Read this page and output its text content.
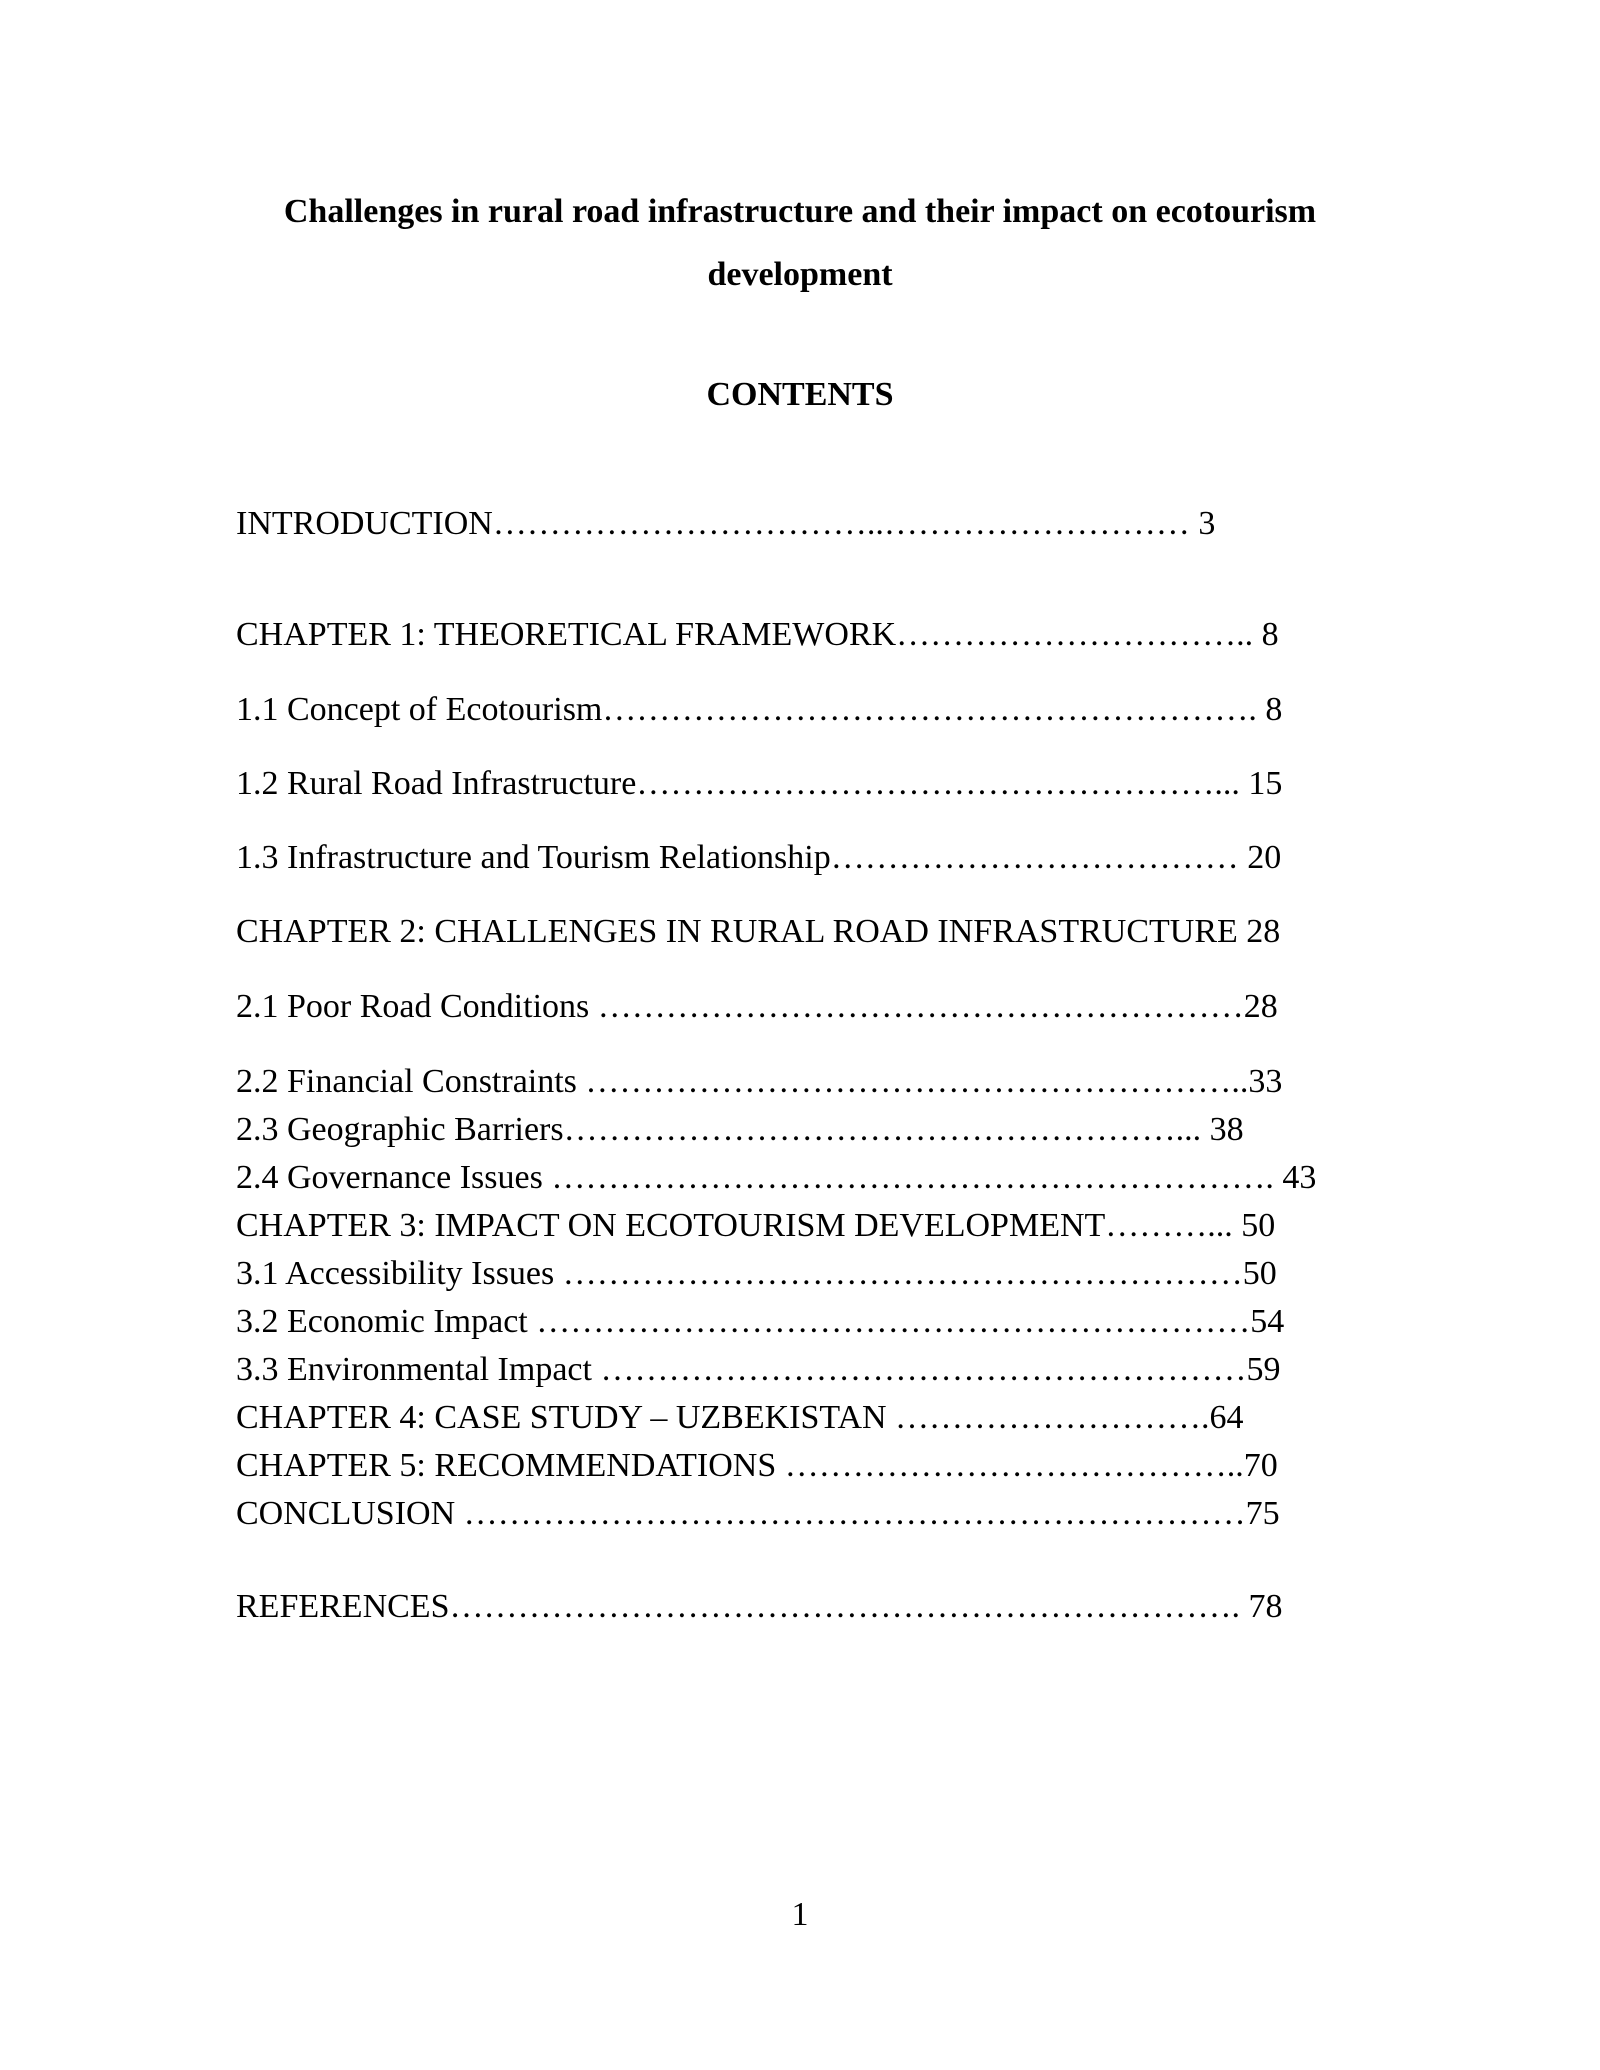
Challenges in rural road infrastructure and their impact on ecotourism development
CONTENTS

INTRODUCTION……………………………..……………………… 3

CHAPTER 1: THEORETICAL FRAMEWORK………………………….. 8

1.1 Concept of Ecotourism…………………………………………………. 8

1.2 Rural Road Infrastructure……………………………………………... 15

1.3 Infrastructure and Tourism Relationship……………………………… 20

CHAPTER 2: CHALLENGES IN RURAL ROAD INFRASTRUCTURE 28

2.1 Poor Road Conditions …………………………………………………28

2.2 Financial Constraints …………………………………………………..33

2.3 Geographic Barriers………………………………………………... 38

2.4 Governance Issues ………………………………………………………. 43

CHAPTER 3: IMPACT ON ECOTOURISM DEVELOPMENT………... 50

3.1 Accessibility Issues ……………………………………………………50

3.2 Economic Impact ………………………………………………………54

3.3 Environmental Impact …………………………………………………59

CHAPTER 4: CASE STUDY – UZBEKISTAN ……………………….64

CHAPTER 5: RECOMMENDATIONS …………………………………..70

CONCLUSION ……………………………………………………………75

REFERENCES……………………………………………………………. 78

1
